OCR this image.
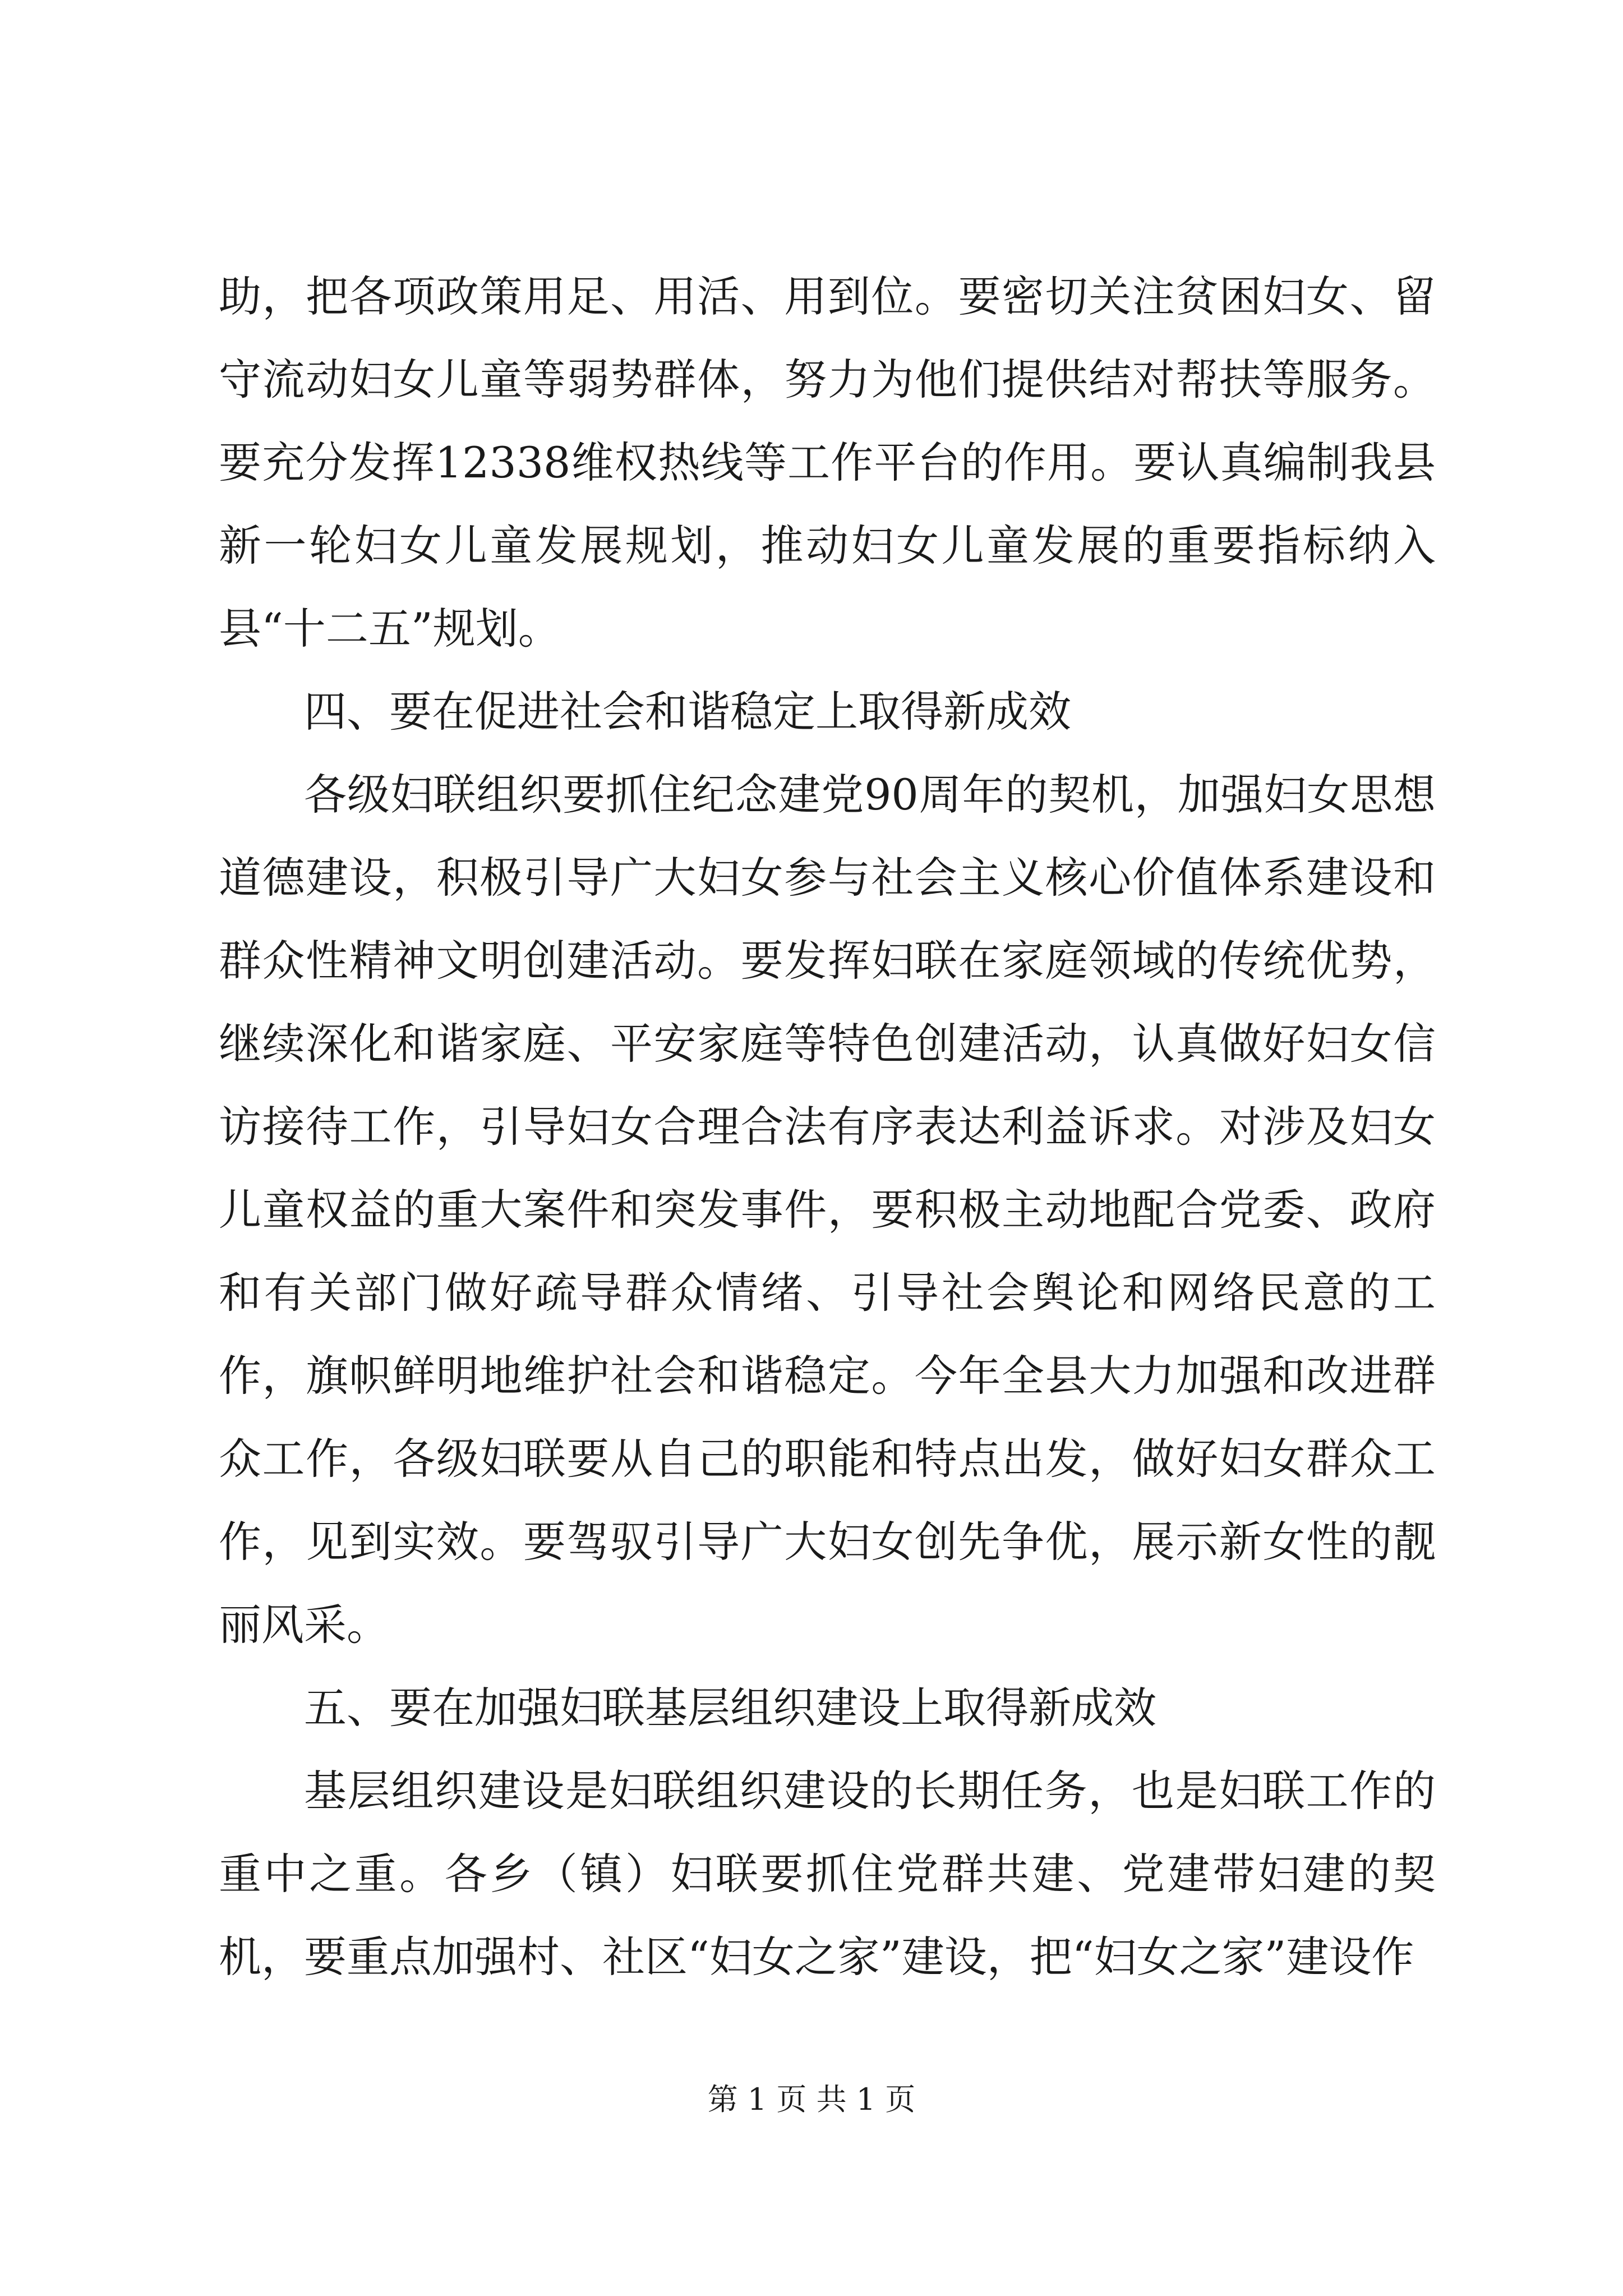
助，把各项政策用足、用活、用到位。要密切关注贫困妇女、留守流动妇女儿童等弱势群体，努力为他们提供结对帮扶等服务。要充分发挥12338维权热线等工作平台的作用。要认真编制我县新一轮妇女儿童发展规划，推动妇女儿童发展的重要指标纳入县“十二五”规划。

四、要在促进社会和谐稳定上取得新成效

各级妇联组织要抓住纪念建党90周年的契机，加强妇女思想道德建设，积极引导广大妇女参与社会主义核心价值体系建设和群众性精神文明创建活动。要发挥妇联在家庭领域的传统优势，继续深化和谐家庭、平安家庭等特色创建活动，认真做好妇女信访接待工作，引导妇女合理合法有序表达利益诉求。对涉及妇女儿童权益的重大案件和突发事件，要积极主动地配合党委、政府和有关部门做好疏导群众情绪、引导社会舆论和网络民意的工作，旗帜鲜明地维护社会和谐稳定。今年全县大力加强和改进群众工作，各级妇联要从自己的职能和特点出发，做好妇女群众工作，见到实效。要驾驭引导广大妇女创先争优，展示新女性的靓丽风采。

五、要在加强妇联基层组织建设上取得新成效

基层组织建设是妇联组织建设的长期任务，也是妇联工作的重中之重。各乡（镇）妇联要抓住党群共建、党建带妇建的契机，要重点加强村、社区“妇女之家”建设，把“妇女之家”建设作

第 1 页 共 1 页
